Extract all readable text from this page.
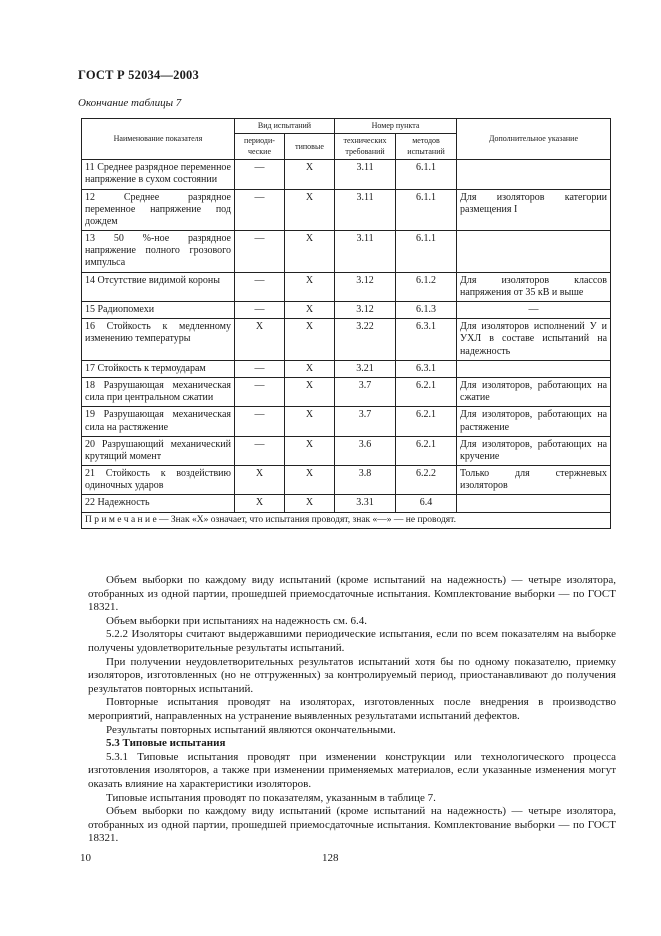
ГОСТ Р 52034—2003
Окончание таблицы 7
Наименование показателя	Вид испытаний		Номер пункта		Дополнительное указание
	периоди-ческие	типовые	технических требований	методов испытаний	
11 Среднее разрядное переменное напряжение в сухом состоянии	—	X	3.11	6.1.1	
12 Среднее разрядное переменное напряжение под дождем	—	X	3.11	6.1.1	Для изоляторов категории размещения I
13 50 %-ное разрядное напряжение полного грозового импульса	—	X	3.11	6.1.1	
14 Отсутствие видимой короны	—	X	3.12	6.1.2	Для изоляторов классов напряжения от 35 кВ и выше
15 Радиопомехи	—	X	3.12	6.1.3	—
16 Стойкость к медленному изменению температуры	X	X	3.22	6.3.1	Для изоляторов исполнений У и УХЛ в составе испытаний на надежность
17 Стойкость к термоударам	—	X	3.21	6.3.1	
18 Разрушающая механическая сила при центральном сжатии	—	X	3.7	6.2.1	Для изоляторов, работающих на сжатие
19 Разрушающая механическая сила на растяжение	—	X	3.7	6.2.1	Для изоляторов, работающих на растяжение
20 Разрушающий механический крутящий момент	—	X	3.6	6.2.1	Для изоляторов, работающих на кручение
21 Стойкость к воздействию одиночных ударов	X	X	3.8	6.2.2	Только для стержневых изоляторов
22 Надежность	X	X	3.31	6.4	
П р и м е ч а н и е — Знак «Х» означает, что испытания проводят, знак «—» — не проводят.					

Объем выборки по каждому виду испытаний (кроме испытаний на надежность) — четыре изолятора, отобранных из одной партии, прошедшей приемосдаточные испытания. Комплектование выборки — по ГОСТ 18321.

Объем выборки при испытаниях на надежность см. 6.4.

5.2.2 Изоляторы считают выдержавшими периодические испытания, если по всем показателям на выборке получены удовлетворительные результаты испытаний.

При получении неудовлетворительных результатов испытаний хотя бы по одному показателю, приемку изоляторов, изготовленных (но не отгруженных) за контролируемый период, приостанавливают до получения результатов повторных испытаний.

Повторные испытания проводят на изоляторах, изготовленных после внедрения в производство мероприятий, направленных на устранение выявленных результатами испытаний дефектов.

Результаты повторных испытаний являются окончательными.

5.3 Типовые испытания

5.3.1 Типовые испытания проводят при изменении конструкции или технологического процесса изготовления изоляторов, а также при изменении применяемых материалов, если указанные изменения могут оказать влияние на характеристики изоляторов.

Типовые испытания проводят по показателям, указанным в таблице 7.

Объем выборки по каждому виду испытаний (кроме испытаний на надежность) — четыре изолятора, отобранных из одной партии, прошедшей приемосдаточные испытания. Комплектование выборки — по ГОСТ 18321.

10	128
